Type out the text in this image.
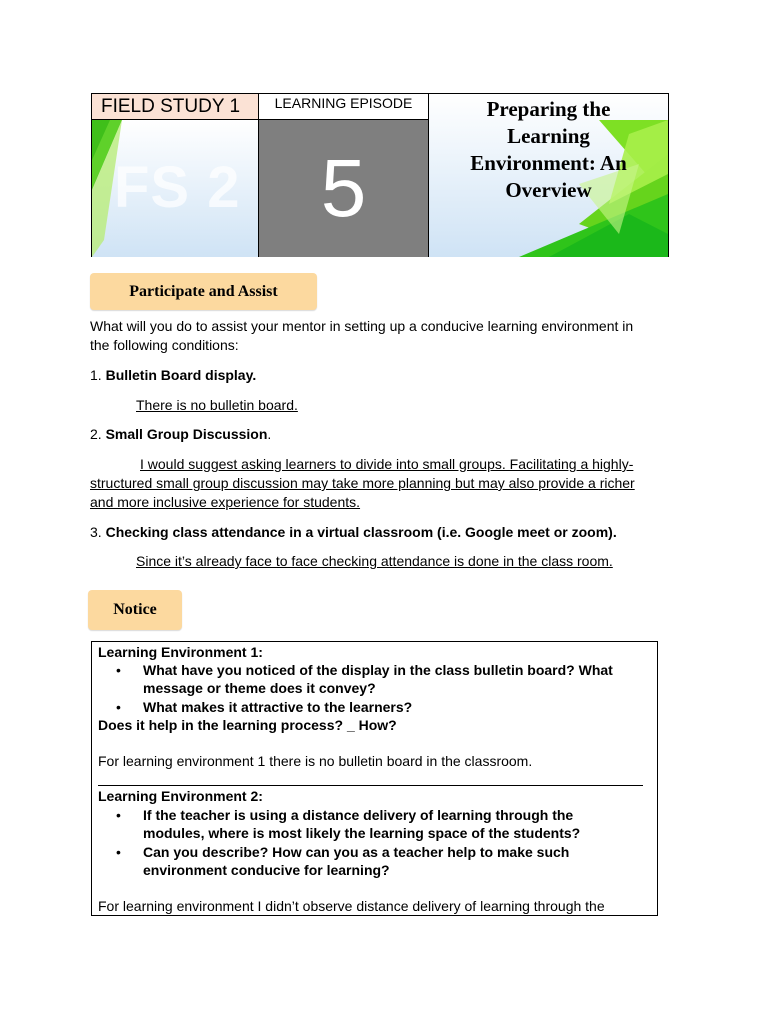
FIELD STUDY 1
FS 2
LEARNING EPISODE
5
Preparing the
Learning
Environment: An
Overview
Participate and Assist
What will you do to assist your mentor in setting up a conducive learning environment in
the following conditions:
1. Bulletin Board display.
There is no bulletin board.
2. Small Group Discussion.
I would suggest asking learners to divide into small groups. Facilitating a highly-
structured small group discussion may take more planning but may also provide a richer
and more inclusive experience for students.
3. Checking class attendance in a virtual classroom (i.e. Google meet or zoom).
Since it’s already face to face checking attendance is done in the class room.
Notice
Learning Environment 1:
• What have you noticed of the display in the class bulletin board? What
message or theme does it convey?
• What makes it attractive to the learners?
Does it help in the learning process? _ How?
For learning environment 1 there is no bulletin board in the classroom.
Learning Environment 2:
• If the teacher is using a distance delivery of learning through the
modules, where is most likely the learning space of the students?
• Can you describe? How can you as a teacher help to make such
environment conducive for learning?
For learning environment I didn’t observe distance delivery of learning through the
